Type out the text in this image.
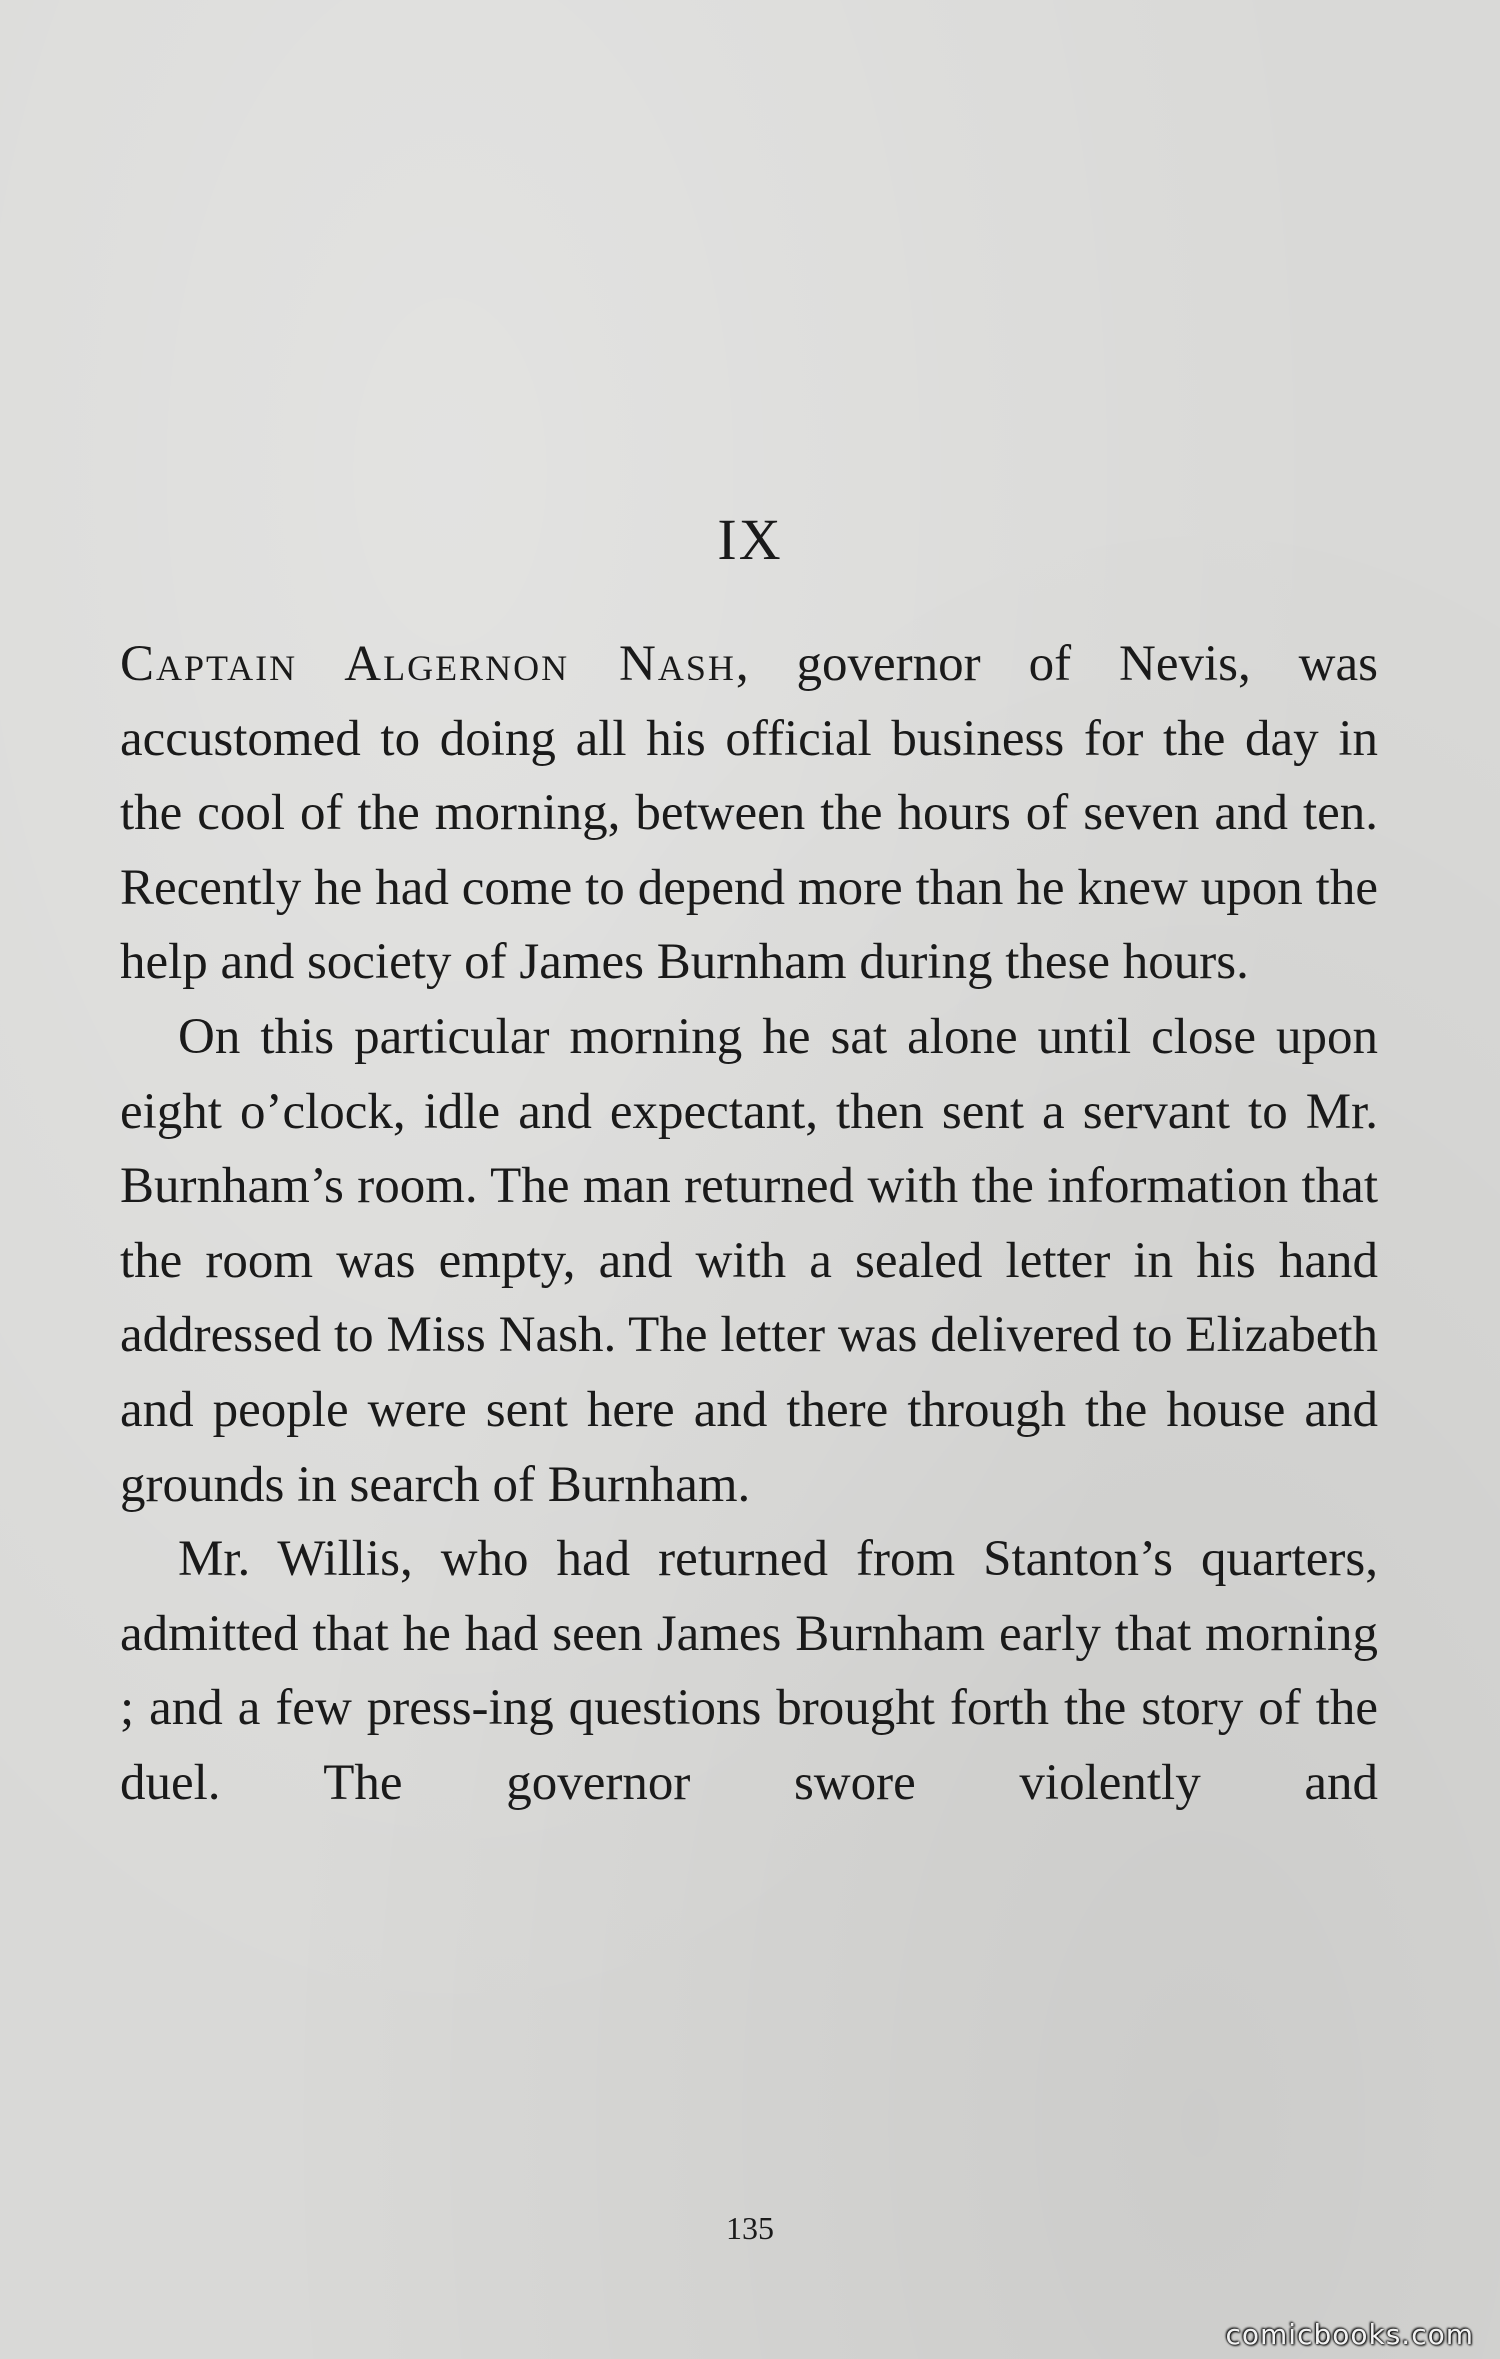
IX

Captain Algernon Nash, governor of Nevis, was accustomed to doing all his official business for the day in the cool of the morning, between the hours of seven and ten. Recently he had come to depend more than he knew upon the help and society of James Burnham during these hours.

On this particular morning he sat alone until close upon eight o’clock, idle and expectant, then sent a servant to Mr. Burnham’s room. The man returned with the information that the room was empty, and with a sealed letter in his hand addressed to Miss Nash. The letter was delivered to Elizabeth and people were sent here and there through the house and grounds in search of Burnham.

Mr. Willis, who had returned from Stanton’s quarters, admitted that he had seen James Burnham early that morning ; and a few press-ing questions brought forth the story of the duel. The governor swore violently and

135
comicbooks.com
